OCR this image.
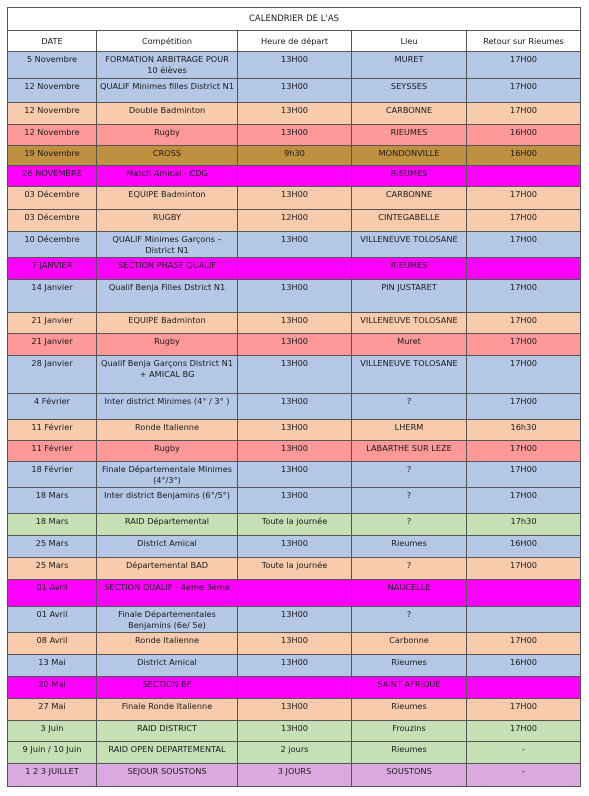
CALENDRIER DE L'AS				
DATE	Compétition	Heure de départ	Lieu	Retour sur Rieumes

5 Novembre	FORMATION ARBITRAGE POUR 10 élèves	13H00	MURET	17H00

12 Novembre	QUALIF Minimes filles District N1	13H00	SEYSSES	17H00

12 Novembre	Double Badminton	13H00	CARBONNE	17H00

12 Novembre	Rugby	13H00	RIEUMES	16H00

19 Novembre	CROSS	9h30	MONDONVILLE	16H00

26 NOVEMBRE	Match Amical - CDG		RIEUMES	

03 Décembre	EQUIPE Badminton	13H00	CARBONNE	17H00

03 Décembre	RUGBY	12H00	CINTEGABELLE	17H00

10 Décembre	QUALIF Minimes Garçons – District N1	13H00	VILLENEUVE TOLOSANE	17H00

7 JANVIER	SECTION PHASE QUALIF		RIEUMES	

14 Janvier	Qualif Benja Filles Dstrict N1	13H00	PIN JUSTARET	17H00

21 Janvier	EQUIPE Badminton	13H00	VILLENEUVE TOLOSANE	17H00

21 Janvier	Rugby	13H00	Muret	17H00

28 Janvier	Qualif Benja Garçons District N1 + AMICAL BG	13H00	VILLENEUVE TOLOSANE	17H00

4 Février	Inter district Minimes (4° / 3° )	13H00	?	17H00

11 Février	Ronde Italienne	13H00	LHERM	16h30

11 Février	Rugby	13H00	LABARTHE SUR LEZE	17H00

18 Février	Finale Départementale Minimes (4°/3°)	13H00	?	17H00

18 Mars	Inter district Benjamins (6°/5°)	13H00	?	17H00

18 Mars	RAID Départemental	Toute la journée	?	17h30

25 Mars	District Amical	13H00	Rieumes	16H00

25 Mars	Départemental BAD	Toute la journée	?	17H00

01 Avril	SECTION QUALIF - 4eme 3eme		NAUCELLE	

01 Avril	Finale Départementales Benjamins (6e/ 5e)	13H00	?	

08 Avril	Ronde Italienne	13H00	Carbonne	17H00

13 Mai	District Amical	13H00	Rieumes	16H00

20 Mai	SECTION BF		SAINT AFRIQUE	

27 Mai	Finale Ronde Italienne	13H00	Rieumes	17H00

3 Juin	RAID DISTRICT	13H00	Frouzins	17H00

9 Juin / 10 Juin	RAID OPEN DEPARTEMENTAL	2 jours	Rieumes	-

1 2 3 JUILLET	SEJOUR SOUSTONS	3 JOURS	SOUSTONS	-
